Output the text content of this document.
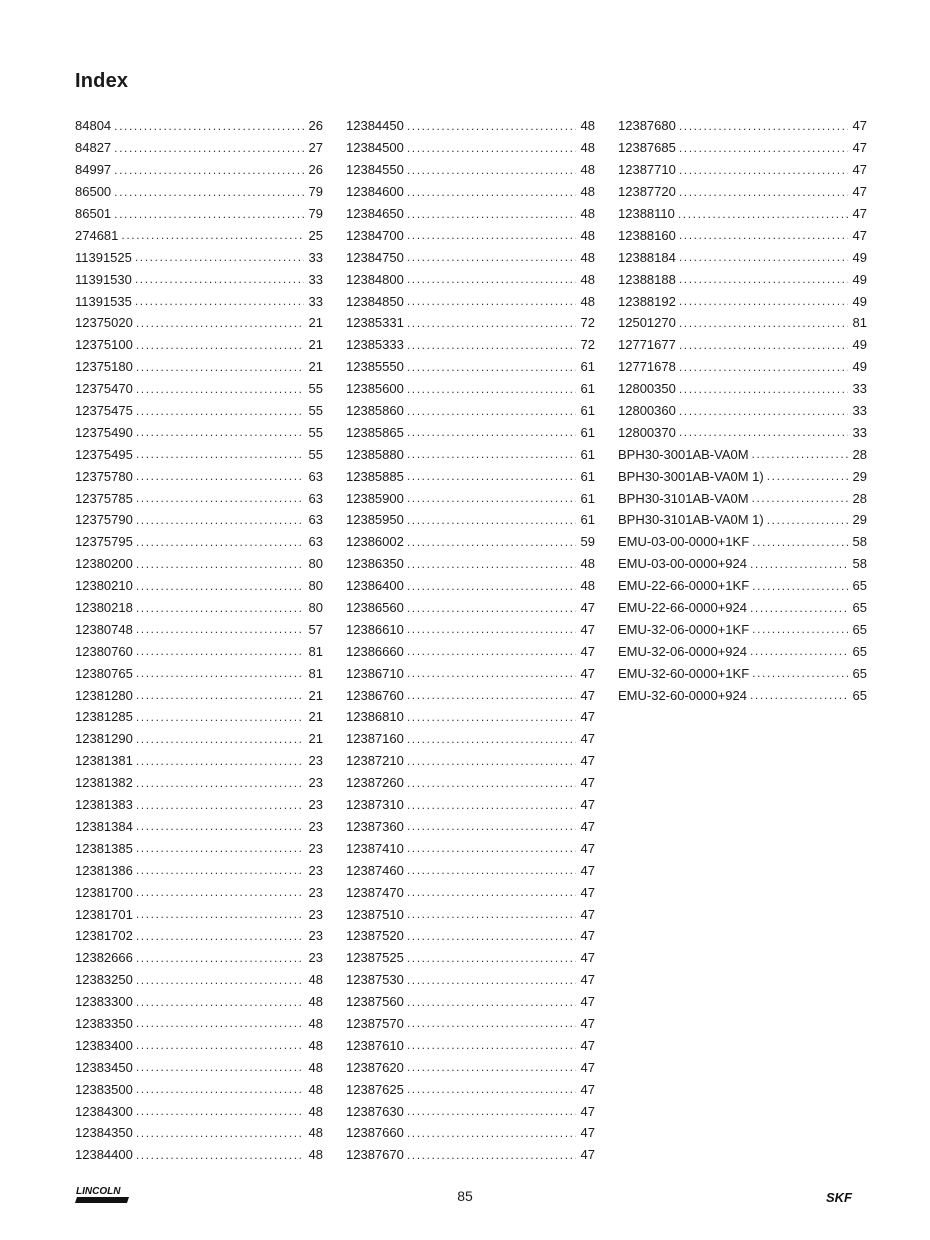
Index
84804 .....	26
84827 .....	27
84997 .....	26
86500 .....	79
86501 .....	79
274681 .....	25
11391525 .....	33
11391530 .....	33
11391535 .....	33
12375020 .....	21
12375100 .....	21
12375180 .....	21
12375470 .....	55
12375475 .....	55
12375490 .....	55
12375495 .....	55
12375780 .....	63
12375785 .....	63
12375790 .....	63
12375795 .....	63
12380200 .....	80
12380210 .....	80
12380218 .....	80
12380748 .....	57
12380760 .....	81
12380765 .....	81
12381280 .....	21
12381285 .....	21
12381290 .....	21
12381381 .....	23
12381382 .....	23
12381383 .....	23
12381384 .....	23
12381385 .....	23
12381386 .....	23
12381700 .....	23
12381701 .....	23
12381702 .....	23
12382666 .....	23
12383250 .....	48
12383300 .....	48
12383350 .....	48
12383400 .....	48
12383450 .....	48
12383500 .....	48
12384300 .....	48
12384350 .....	48
12384400 .....	48
12384450 .....	48
12384500 .....	48
12384550 .....	48
12384600 .....	48
12384650 .....	48
12384700 .....	48
12384750 .....	48
12384800 .....	48
12384850 .....	48
12385331 .....	72
12385333 .....	72
12385550 .....	61
12385600 .....	61
12385860 .....	61
12385865 .....	61
12385880 .....	61
12385885 .....	61
12385900 .....	61
12385950 .....	61
12386002 .....	59
12386350 .....	48
12386400 .....	48
12386560 .....	47
12386610 .....	47
12386660 .....	47
12386710 .....	47
12386760 .....	47
12386810 .....	47
12387160 .....	47
12387210 .....	47
12387260 .....	47
12387310 .....	47
12387360 .....	47
12387410 .....	47
12387460 .....	47
12387470 .....	47
12387510 .....	47
12387520 .....	47
12387525 .....	47
12387530 .....	47
12387560 .....	47
12387570 .....	47
12387610 .....	47
12387620 .....	47
12387625 .....	47
12387630 .....	47
12387660 .....	47
12387670 .....	47
12387680 .....	47
12387685 .....	47
12387710 .....	47
12387720 .....	47
12388110 .....	47
12388160 .....	47
12388184 .....	49
12388188 .....	49
12388192 .....	49
12501270 .....	81
12771677 .....	49
12771678 .....	49
12800350 .....	33
12800360 .....	33
12800370 .....	33
BPH30-3001AB-VA0M .....	28
BPH30-3001AB-VA0M 1) .....	29
BPH30-3101AB-VA0M .....	28
BPH30-3101AB-VA0M 1) .....	29
EMU-03-00-0000+1KF .....	58
EMU-03-00-0000+924 .....	58
EMU-22-66-0000+1KF .....	65
EMU-22-66-0000+924 .....	65
EMU-32-06-0000+1KF .....	65
EMU-32-06-0000+924 .....	65
EMU-32-60-0000+1KF .....	65
EMU-32-60-0000+924 .....	65
LINCOLN	85	SKF
